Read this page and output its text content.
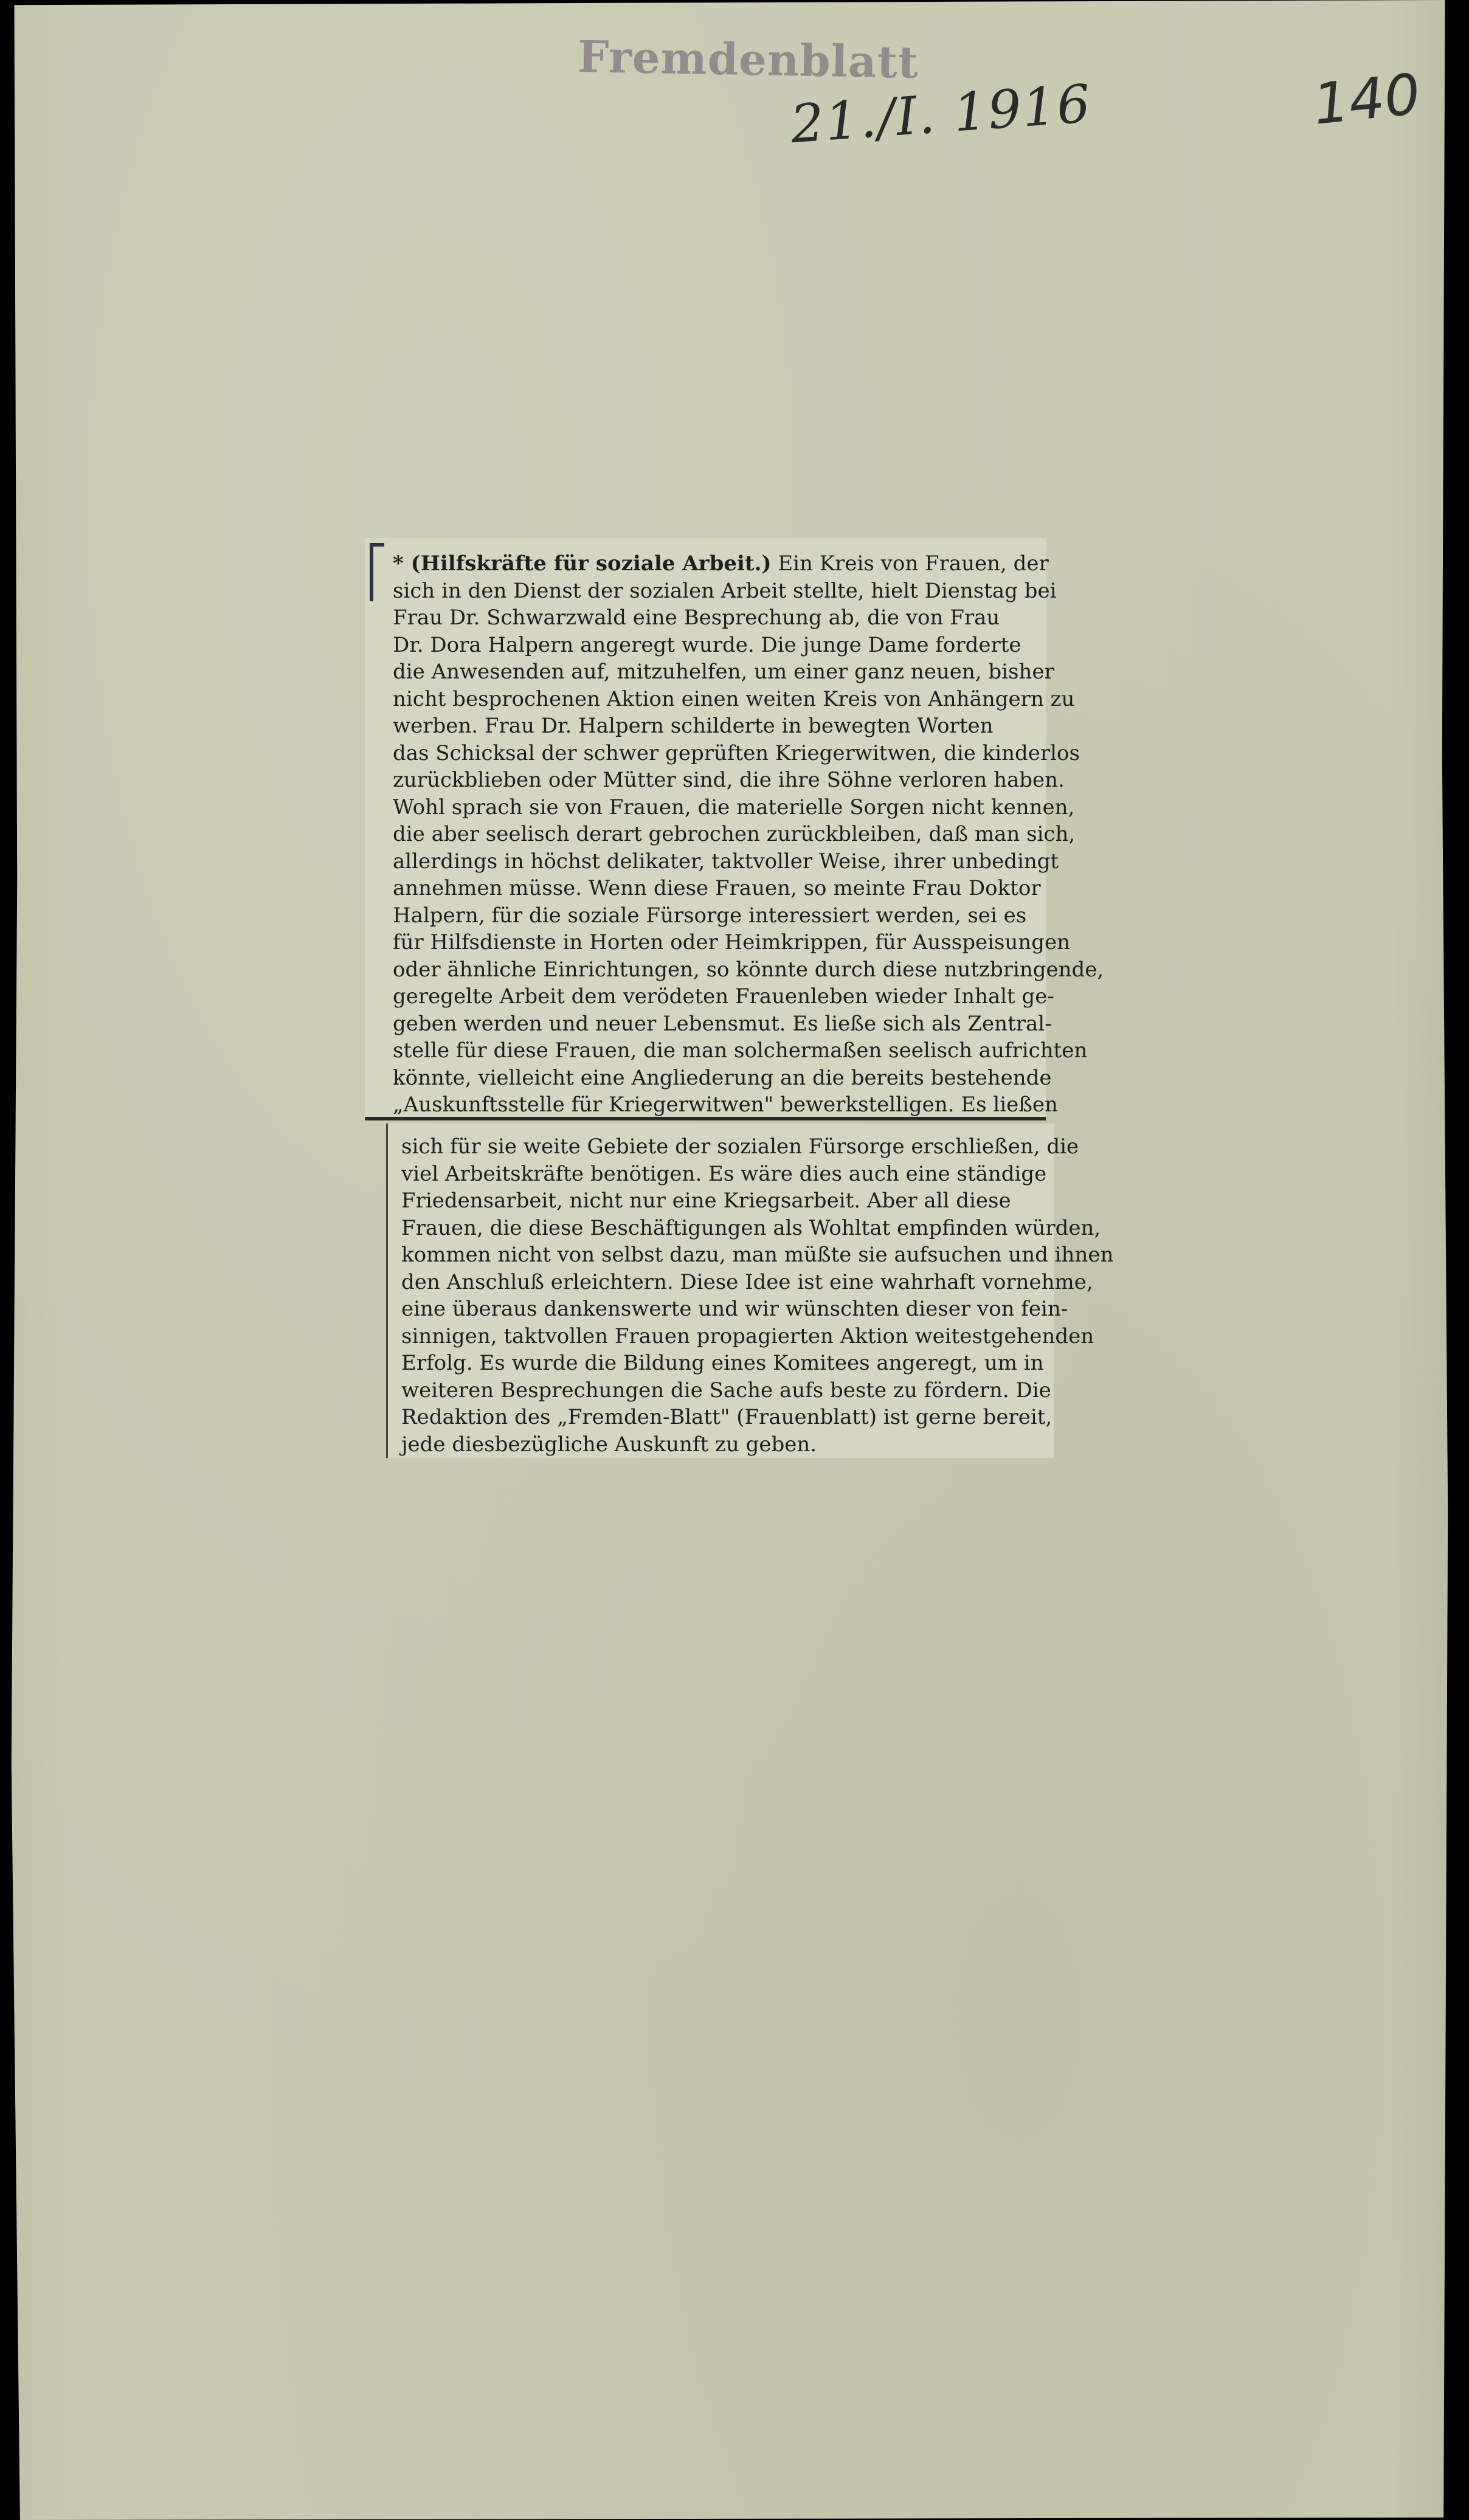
Fremdenblatt
21./I. 1916	140
* (Hilfskräfte für soziale Arbeit.) Ein Kreis von Frauen, der
sich in den Dienst der sozialen Arbeit stellte, hielt Dienstag bei
Frau Dr. Schwarzwald eine Besprechung ab, die von Frau
Dr. Dora Halpern angeregt wurde. Die junge Dame forderte
die Anwesenden auf, mitzuhelfen, um einer ganz neuen, bisher
nicht besprochenen Aktion einen weiten Kreis von Anhängern zu
werben. Frau Dr. Halpern schilderte in bewegten Worten
das Schicksal der schwer geprüften Kriegerwitwen, die kinderlos
zurückblieben oder Mütter sind, die ihre Söhne verloren haben.
Wohl sprach sie von Frauen, die materielle Sorgen nicht kennen,
die aber seelisch derart gebrochen zurückbleiben, daß man sich,
allerdings in höchst delikater, taktvoller Weise, ihrer unbedingt
annehmen müsse. Wenn diese Frauen, so meinte Frau Doktor
Halpern, für die soziale Fürsorge interessiert werden, sei es
für Hilfsdienste in Horten oder Heimkrippen, für Ausspeisungen
oder ähnliche Einrichtungen, so könnte durch diese nutzbringende,
geregelte Arbeit dem verödeten Frauenleben wieder Inhalt ge-
geben werden und neuer Lebensmut. Es ließe sich als Zentral-
stelle für diese Frauen, die man solchermaßen seelisch aufrichten
könnte, vielleicht eine Angliederung an die bereits bestehende
„Auskunftsstelle für Kriegerwitwen" bewerkstelligen. Es ließen
sich für sie weite Gebiete der sozialen Fürsorge erschließen, die
viel Arbeitskräfte benötigen. Es wäre dies auch eine ständige
Friedensarbeit, nicht nur eine Kriegsarbeit. Aber all diese
Frauen, die diese Beschäftigungen als Wohltat empfinden würden,
kommen nicht von selbst dazu, man müßte sie aufsuchen und ihnen
den Anschluß erleichtern. Diese Idee ist eine wahrhaft vornehme,
eine überaus dankenswerte und wir wünschten dieser von fein-
sinnigen, taktvollen Frauen propagierten Aktion weitestgehenden
Erfolg. Es wurde die Bildung eines Komitees angeregt, um in
weiteren Besprechungen die Sache aufs beste zu fördern. Die
Redaktion des „Fremden-Blatt" (Frauenblatt) ist gerne bereit,
jede diesbezügliche Auskunft zu geben.
